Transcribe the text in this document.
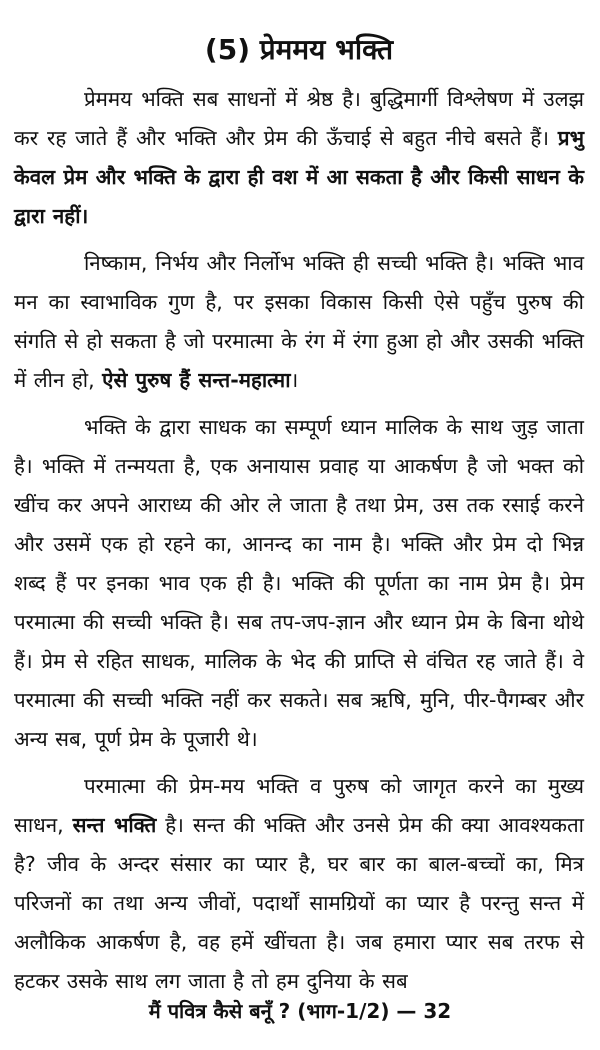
(5) प्रेममय भक्ति

प्रेममय भक्ति सब साधनों में श्रेष्ठ है। बुद्धिमार्गी विश्लेषण में उलझ कर रह जाते हैं और भक्ति और प्रेम की ऊँचाई से बहुत नीचे बसते हैं। प्रभु केवल प्रेम और भक्ति के द्वारा ही वश में आ सकता है और किसी साधन के द्वारा नहीं।

निष्काम, निर्भय और निर्लोभ भक्ति ही सच्ची भक्ति है। भक्ति भाव मन का स्वाभाविक गुण है, पर इसका विकास किसी ऐसे पहुँच पुरुष की संगति से हो सकता है जो परमात्मा के रंग में रंगा हुआ हो और उसकी भक्ति में लीन हो, ऐसे पुरुष हैं सन्त-महात्मा।

भक्ति के द्वारा साधक का सम्पूर्ण ध्यान मालिक के साथ जुड़ जाता है। भक्ति में तन्मयता है, एक अनायास प्रवाह या आकर्षण है जो भक्त को खींच कर अपने आराध्य की ओर ले जाता है तथा प्रेम, उस तक रसाई करने और उसमें एक हो रहने का, आनन्द का नाम है। भक्ति और प्रेम दो भिन्न शब्द हैं पर इनका भाव एक ही है। भक्ति की पूर्णता का नाम प्रेम है। प्रेम परमात्मा की सच्ची भक्ति है। सब तप-जप-ज्ञान और ध्यान प्रेम के बिना थोथे हैं। प्रेम से रहित साधक, मालिक के भेद की प्राप्ति से वंचित रह जाते हैं। वे परमात्मा की सच्ची भक्ति नहीं कर सकते। सब ऋषि, मुनि, पीर-पैगम्बर और अन्य सब, पूर्ण प्रेम के पूजारी थे।

परमात्मा की प्रेम-मय भक्ति व पुरुष को जागृत करने का मुख्य साधन, सन्त भक्ति है। सन्त की भक्ति और उनसे प्रेम की क्या आवश्यकता है? जीव के अन्दर संसार का प्यार है, घर बार का बाल-बच्चों का, मित्र परिजनों का तथा अन्य जीवों, पदार्थों सामग्रियों का प्यार है परन्तु सन्त में अलौकिक आकर्षण है, वह हमें खींचता है। जब हमारा प्यार सब तरफ से हटकर उसके साथ लग जाता है तो हम दुनिया के सब

मैं पवित्र कैसे बनूँ ? (भाग-1/2) — 32
